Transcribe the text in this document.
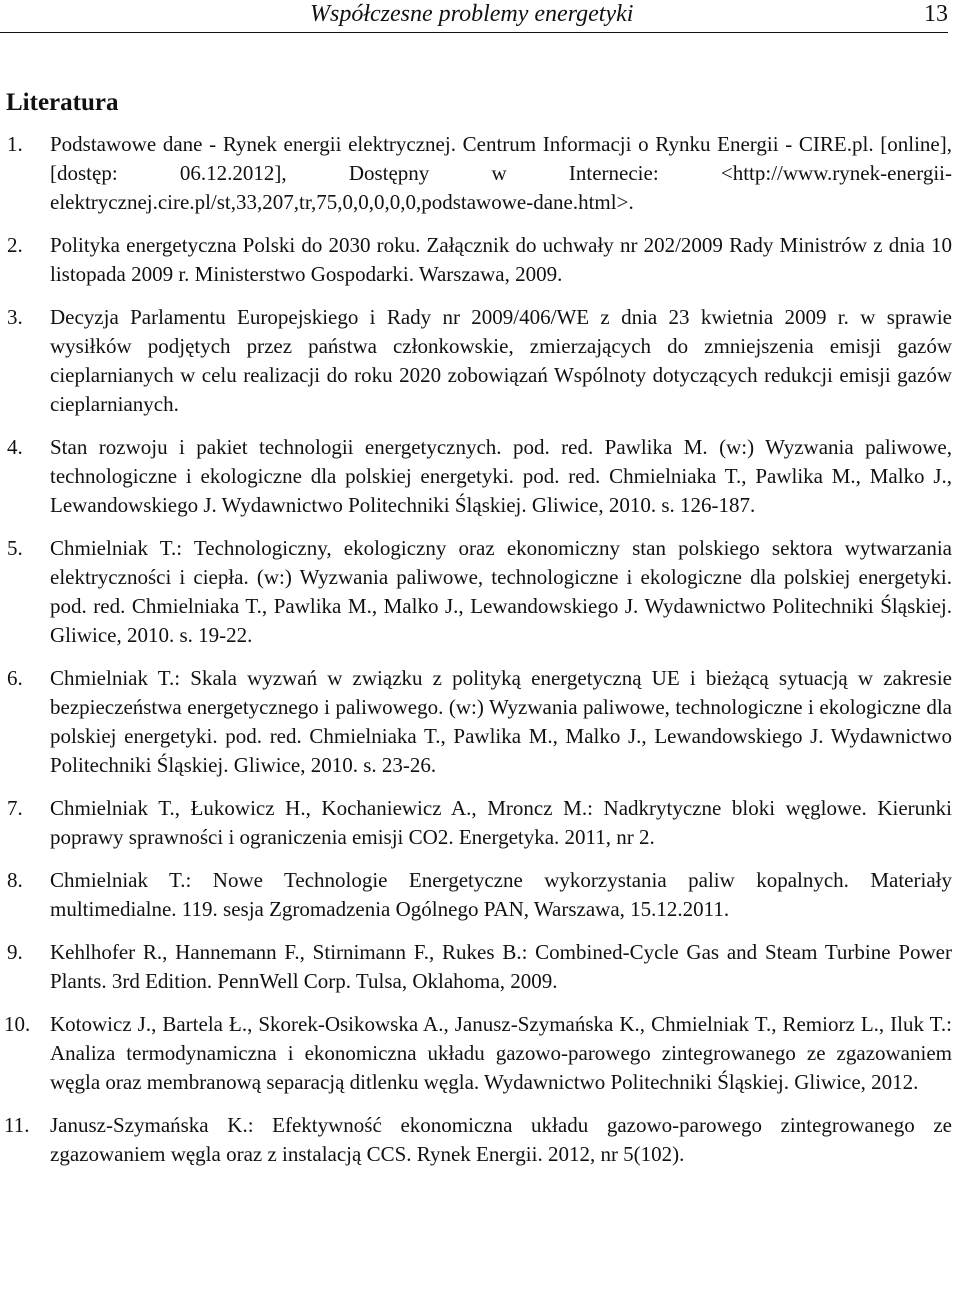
Współczesne problemy energetyki	13
Literatura
1. Podstawowe dane - Rynek energii elektrycznej. Centrum Informacji o Rynku Energii - CIRE.pl. [online], [dostęp: 06.12.2012], Dostępny w Internecie: <http://www.rynek-energii-elektrycznej.cire.pl/st,33,207,tr,75,0,0,0,0,0,podstawowe-dane.html>.
2. Polityka energetyczna Polski do 2030 roku. Załącznik do uchwały nr 202/2009 Rady Ministrów z dnia 10 listopada 2009 r. Ministerstwo Gospodarki. Warszawa, 2009.
3. Decyzja Parlamentu Europejskiego i Rady nr 2009/406/WE z dnia 23 kwietnia 2009 r. w sprawie wysiłków podjętych przez państwa członkowskie, zmierzających do zmniejszenia emisji gazów cieplarnianych w celu realizacji do roku 2020 zobowiązań Wspólnoty dotyczących redukcji emisji gazów cieplarnianych.
4. Stan rozwoju i pakiet technologii energetycznych. pod. red. Pawlika M. (w:) Wyzwania paliwowe, technologiczne i ekologiczne dla polskiej energetyki. pod. red. Chmielniaka T., Pawlika M., Malko J., Lewandowskiego J. Wydawnictwo Politechniki Śląskiej. Gliwice, 2010. s. 126-187.
5. Chmielniak T.: Technologiczny, ekologiczny oraz ekonomiczny stan polskiego sektora wytwarzania elektryczności i ciepła. (w:) Wyzwania paliwowe, technologiczne i ekologiczne dla polskiej energetyki. pod. red. Chmielniaka T., Pawlika M., Malko J., Lewandowskiego J. Wydawnictwo Politechniki Śląskiej. Gliwice, 2010. s. 19-22.
6. Chmielniak T.: Skala wyzwań w związku z polityką energetyczną UE i bieżącą sytuacją w zakresie bezpieczeństwa energetycznego i paliwowego. (w:) Wyzwania paliwowe, technologiczne i ekologiczne dla polskiej energetyki. pod. red. Chmielniaka T., Pawlika M., Malko J., Lewandowskiego J. Wydawnictwo Politechniki Śląskiej. Gliwice, 2010. s. 23-26.
7. Chmielniak T., Łukowicz H., Kochaniewicz A., Mroncz M.: Nadkrytyczne bloki węglowe. Kierunki poprawy sprawności i ograniczenia emisji CO2. Energetyka. 2011, nr 2.
8. Chmielniak T.: Nowe Technologie Energetyczne wykorzystania paliw kopalnych. Materiały multimedialne. 119. sesja Zgromadzenia Ogólnego PAN, Warszawa, 15.12.2011.
9. Kehlhofer R., Hannemann F., Stirnimann F., Rukes B.: Combined-Cycle Gas and Steam Turbine Power Plants. 3rd Edition. PennWell Corp. Tulsa, Oklahoma, 2009.
10. Kotowicz J., Bartela Ł., Skorek-Osikowska A., Janusz-Szymańska K., Chmielniak T., Remiorz L., Iluk T.: Analiza termodynamiczna i ekonomiczna układu gazowo-parowego zintegrowanego ze zgazowaniem węgla oraz membranową separacją ditlenku węgla. Wydawnictwo Politechniki Śląskiej. Gliwice, 2012.
11. Janusz-Szymańska K.: Efektywność ekonomiczna układu gazowo-parowego zintegrowanego ze zgazowaniem węgla oraz z instalacją CCS. Rynek Energii. 2012, nr 5(102).
